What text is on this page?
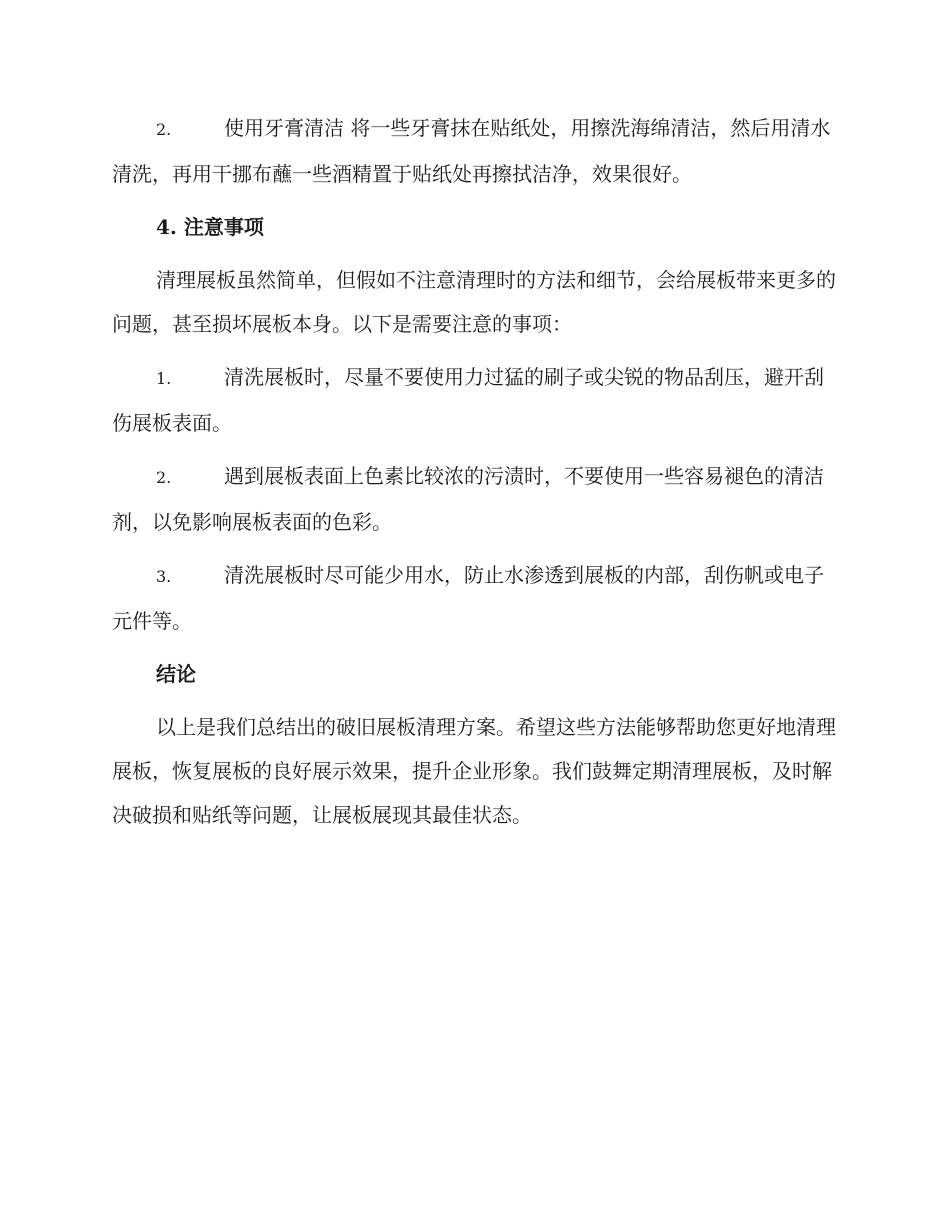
2.	使用牙膏清洁 将一些牙膏抹在贴纸处，用擦洗海绵清洁，然后用清水清洗，再用干挪布蘸一些酒精置于贴纸处再擦拭洁净，效果很好。

4. 注意事项

清理展板虽然简单，但假如不注意清理时的方法和细节，会给展板带来更多的问题，甚至损坏展板本身。以下是需要注意的事项：

1.	清洗展板时，尽量不要使用力过猛的刷子或尖锐的物品刮压，避开刮伤展板表面。

2.	遇到展板表面上色素比较浓的污渍时，不要使用一些容易褪色的清洁剂，以免影响展板表面的色彩。

3.	清洗展板时尽可能少用水，防止水渗透到展板的内部，刮伤帆或电子元件等。

结论

以上是我们总结出的破旧展板清理方案。希望这些方法能够帮助您更好地清理展板，恢复展板的良好展示效果，提升企业形象。我们鼓舞定期清理展板，及时解决破损和贴纸等问题，让展板展现其最佳状态。
